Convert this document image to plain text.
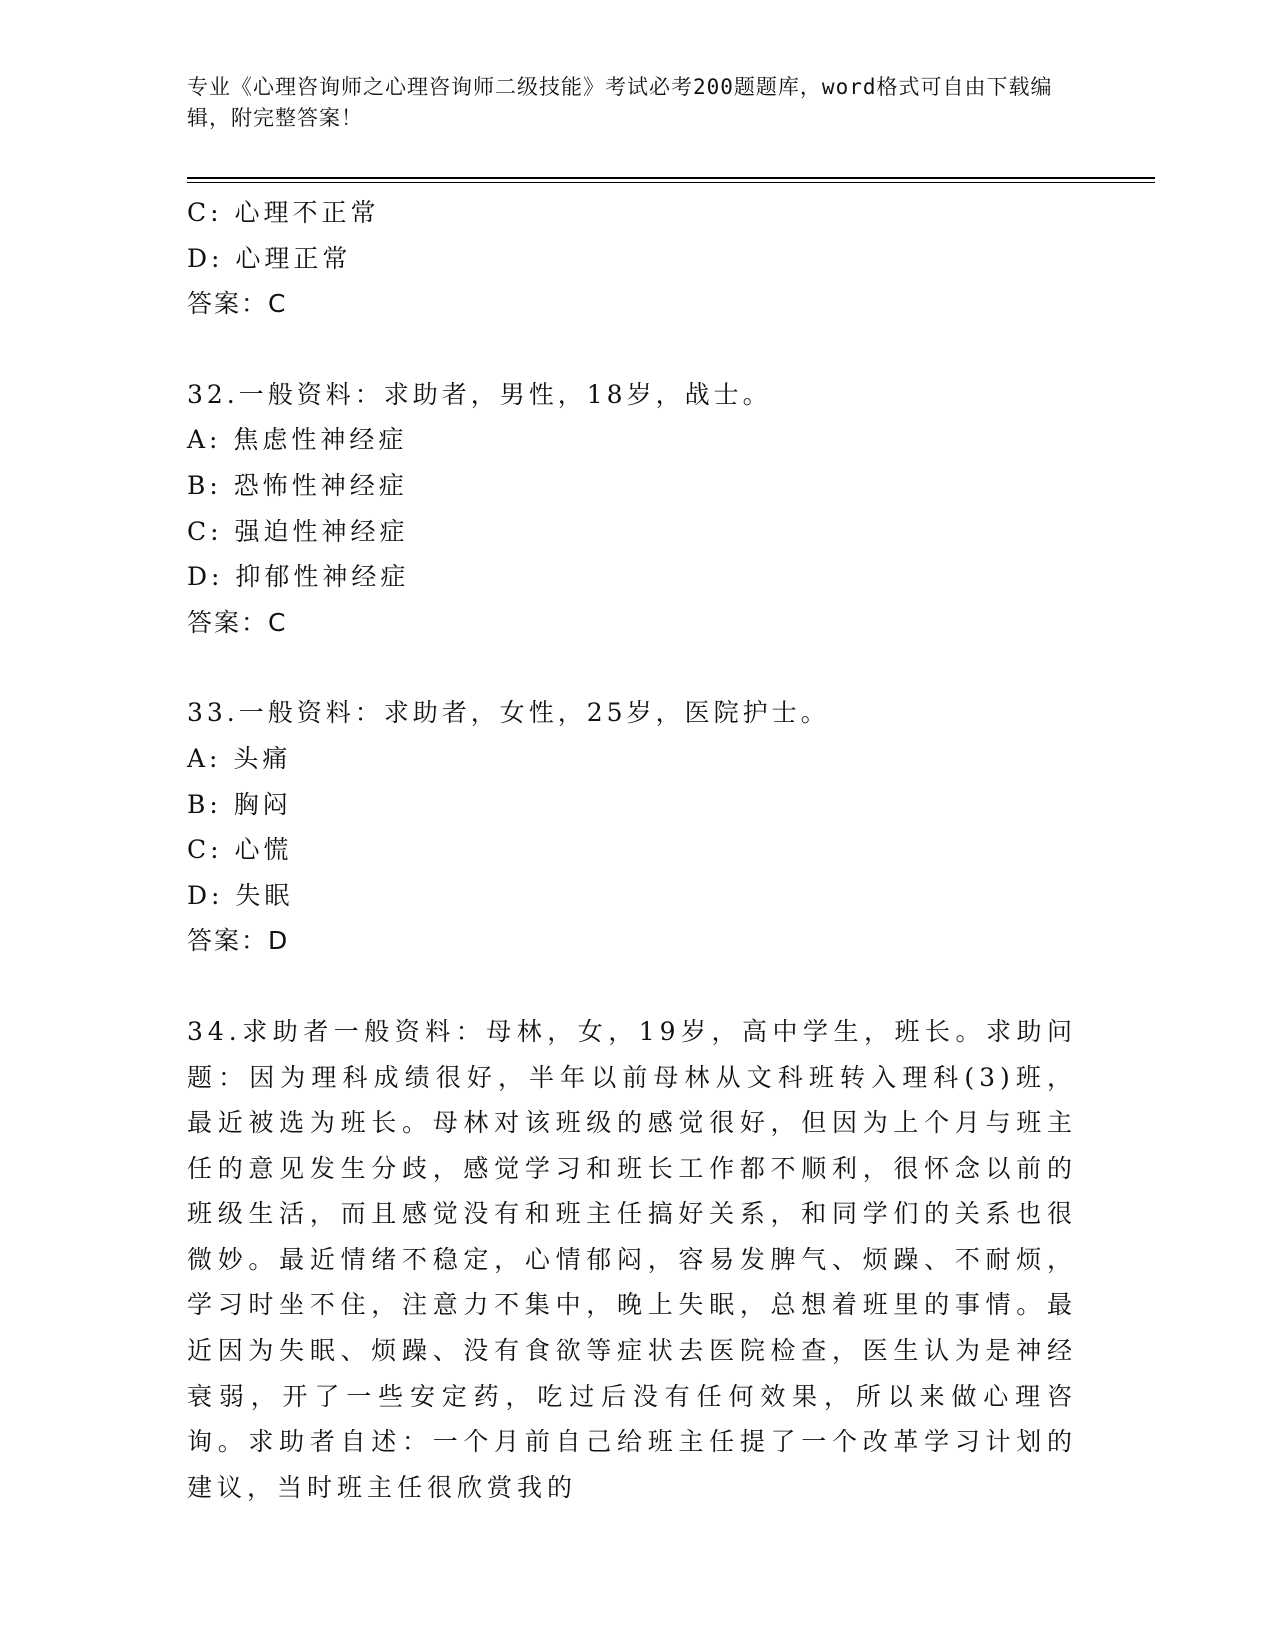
专业《心理咨询师之心理咨询师二级技能》考试必考200题题库，word格式可自由下载编辑，附完整答案！
C: 心理不正常
D: 心理正常
答案：C
32.一般资料：求助者，男性，18岁，战士。
A: 焦虑性神经症
B: 恐怖性神经症
C: 强迫性神经症
D: 抑郁性神经症
答案：C
33.一般资料：求助者，女性，25岁，医院护士。
A: 头痛
B: 胸闷
C: 心慌
D: 失眠
答案：D
34.求助者一般资料：母林，女，19岁，高中学生，班长。求助问题：因为理科成绩很好，半年以前母林从文科班转入理科(3)班，最近被选为班长。母林对该班级的感觉很好，但因为上个月与班主任的意见发生分歧，感觉学习和班长工作都不顺利，很怀念以前的班级生活，而且感觉没有和班主任搞好关系，和同学们的关系也很微妙。最近情绪不稳定，心情郁闷，容易发脾气、烦躁、不耐烦，学习时坐不住，注意力不集中，晚上失眠，总想着班里的事情。最近因为失眠、烦躁、没有食欲等症状去医院检查，医生认为是神经衰弱，开了一些安定药，吃过后没有任何效果，所以来做心理咨询。求助者自述：一个月前自己给班主任提了一个改革学习计划的建议，当时班主任很欣赏我的
